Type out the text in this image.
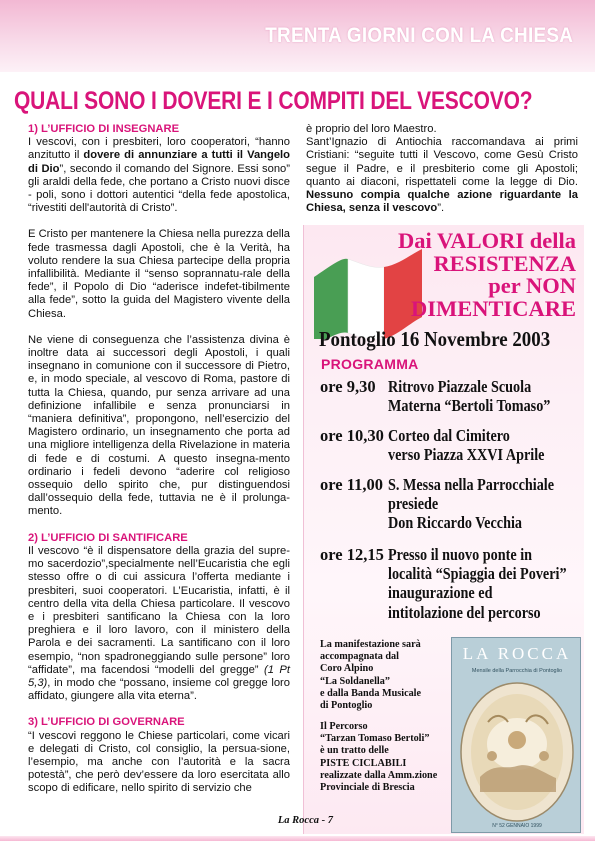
TRENTA GIORNI CON LA CHIESA
QUALI SONO I DOVERI E I COMPITI DEL VESCOVO?
1) L’UFFICIO DI INSEGNARE

I vescovi, con i presbiteri, loro cooperatori, “hanno anzitutto il dovere di annunziare a tutti il Vangelo di Dio”, secondo il comando del Signore. Essi sono” gli araldi della fede, che portano a Cristo nuovi disce - poli, sono i dottori autentici “della fede apostolica, “rivestiti dell'autorità di Cristo”.

E Cristo per mantenere la Chiesa nella purezza della fede trasmessa dagli Apostoli, che è la Verità, ha voluto rendere la sua Chiesa partecipe della propria infallibilità. Mediante il “senso soprannatu-rale della fede”, il Popolo di Dio “aderisce indefet-tibilmente alla fede”, sotto la guida del Magistero vivente della Chiesa.

Ne viene di conseguenza che l’assistenza divina è inoltre data ai successori degli Apostoli, i quali insegnano in comunione con il successore di Pietro, e, in modo speciale, al vescovo di Roma, pastore di tutta la Chiesa, quando, pur senza arrivare ad una definizione infallibile e senza pronunciarsi in “maniera definitiva”, propongono, nell’esercizio del Magistero ordinario, un insegnamento che porta ad una migliore intelligenza della Rivelazione in materia di fede e di costumi. A questo insegna-mento ordinario i fedeli devono “aderire col religioso ossequio dello spirito che, pur distinguendosi dall’ossequio della fede, tuttavia ne è il prolunga-mento.

2) L’UFFICIO DI SANTIFICARE

Il vescovo “è il dispensatore della grazia del supre-mo sacerdozio”,specialmente nell’Eucaristia che egli stesso offre o di cui assicura l’offerta mediante i presbiteri, suoi cooperatori. L’Eucaristia, infatti, è il centro della vita della Chiesa particolare. Il vescovo e i presbiteri santificano la Chiesa con la loro preghiera e il loro lavoro, con il ministero della Parola e dei sacramenti. La santificano con il loro esempio, “non spadroneggiando sulle persone” loro “affidate”, ma facendosi “modelli del gregge” (1 Pt 5,3), in modo che “possano, insieme col gregge loro affidato, giungere alla vita eterna”.

3) L’UFFICIO DI GOVERNARE

“I vescovi reggono le Chiese particolari, come vicari e delegati di Cristo, col consiglio, la persua-sione, l’esempio, ma anche con l’autorità e la sacra potestà”, che però dev’essere da loro esercitata allo scopo di edificare, nello spirito di servizio che

è proprio del loro Maestro.
Sant’Ignazio di Antiochia raccomandava ai primi Cristiani: “seguite tutti il Vescovo, come Gesù Cristo segue il Padre, e il presbiterio come gli Apostoli; quanto ai diaconi, rispettateli come la legge di Dio. Nessuno compia qualche azione riguardante la Chiesa, senza il vescovo”.

Dai VALORI della
RESISTENZA
per NON
DIMENTICARE
Pontoglio 16 Novembre 2003
PROGRAMMA
ore 9,30 Ritrovo Piazzale Scuola
Materna “Bertoli Tomaso”
ore 10,30 Corteo dal Cimitero
verso Piazza XXVI Aprile
ore 11,00 S. Messa nella Parrocchiale
presiede
Don Riccardo Vecchia
ore 12,15 Presso il nuovo ponte in
località “Spiaggia dei Poveri”
inaugurazione ed
intitolazione del percorso
La manifestazione sarà
accompagnata dal
Coro Alpino
“La Soldanella”
e dalla Banda Musicale
di Pontoglio
Il Percorso
“Tarzan Tomaso Bertoli”
è un tratto delle
PISTE CICLABILI
realizzate dalla Amm.zione
Provinciale di Brescia
LA ROCCA
Mensile della Parrocchia di Pontoglio
N° 52 GENNAIO 1999
La Rocca - 7
